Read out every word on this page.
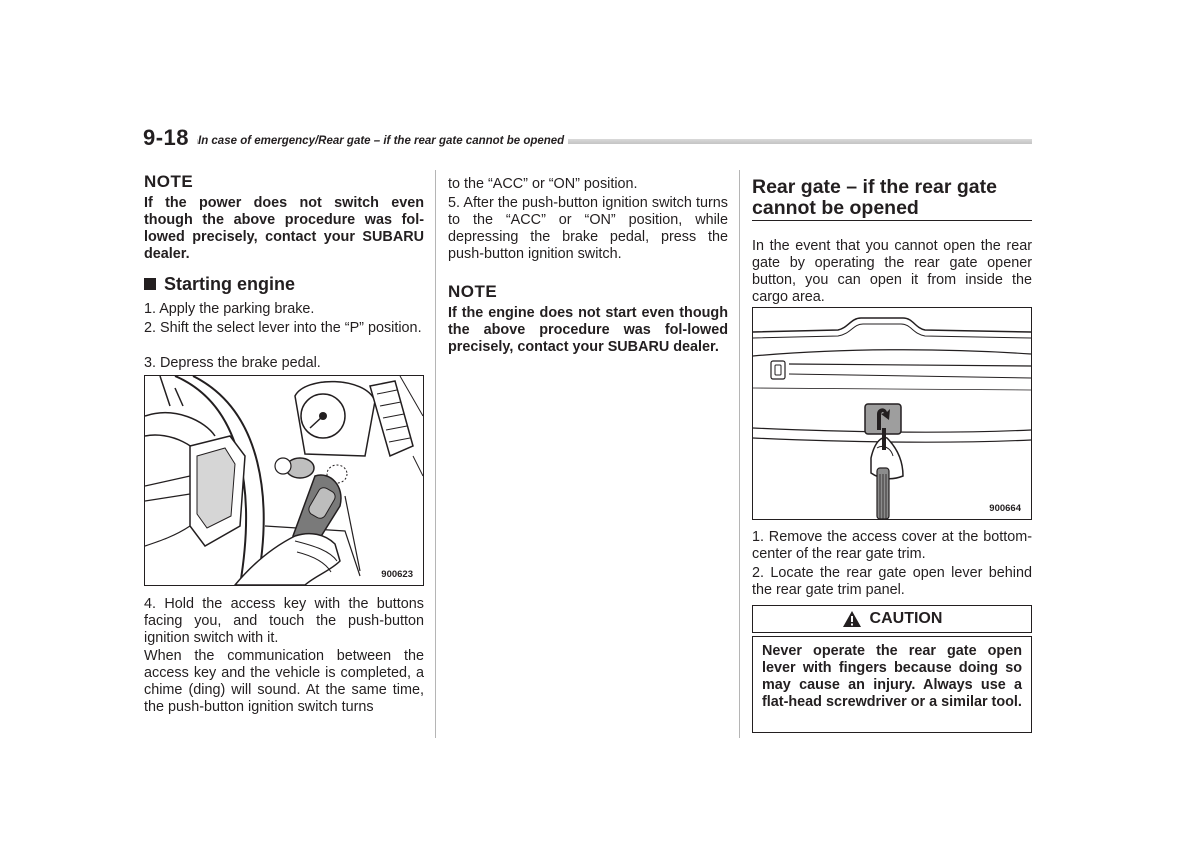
9-18 In case of emergency/Rear gate – if the rear gate cannot be opened
NOTE
If the power does not switch even though the above procedure was fol-lowed precisely, contact your SUBARU dealer.
Starting engine

1. Apply the parking brake.

2. Shift the select lever into the “P” position.

3. Depress the brake pedal.

900623

4. Hold the access key with the buttons facing you, and touch the push-button ignition switch with it.

When the communication between the access key and the vehicle is completed, a chime (ding) will sound. At the same time, the push-button ignition switch turns

to the “ACC” or “ON” position.

5. After the push-button ignition switch turns to the “ACC” or “ON” position, while depressing the brake pedal, press the push-button ignition switch.

NOTE
If the engine does not start even though the above procedure was fol-lowed precisely, contact your SUBARU dealer.
Rear gate – if the rear gate cannot be opened

In the event that you cannot open the rear gate by operating the rear gate opener button, you can open it from inside the cargo area.

900664

1. Remove the access cover at the bottom-center of the rear gate trim.

2. Locate the rear gate open lever behind the rear gate trim panel.

CAUTION

Never operate the rear gate open lever with fingers because doing so may cause an injury. Always use a flat-head screwdriver or a similar tool.
